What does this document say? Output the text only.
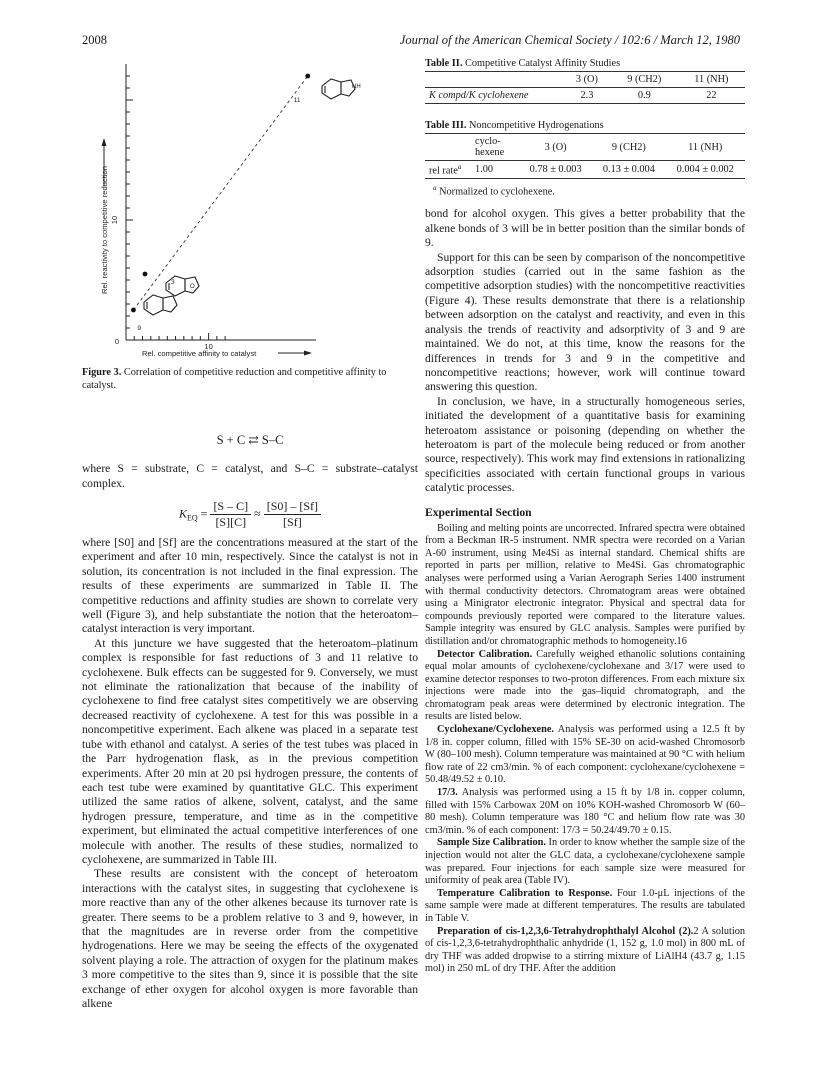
2008	Journal of the American Chemical Society / 102:6 / March 12, 1980
11
3
9
NH
O
Rel. reactivity to competitive reduction
Rel. competitive affinity to catalyst
0
10
10

Figure 3. Correlation of competitive reduction and competitive affinity to catalyst.

S + C ⇄ S–C

where S = substrate, C = catalyst, and S–C = substrate–catalyst complex.

$K_{EQ} = \frac{[S - C]}{[S][C]} \approx \frac{[S0] - [Sf]}{[Sf]}$

where [S0] and [Sf] are the concentrations measured at the start of the experiment and after 10 min, respectively. Since the catalyst is not in solution, its concentration is not included in the final expression. The results of these experiments are summarized in Table II. The competitive reductions and affinity studies are shown to correlate very well (Figure 3), and help substantiate the notion that the heteroatom–catalyst interaction is very important.

At this juncture we have suggested that the heteroatom–platinum complex is responsible for fast reductions of 3 and 11 relative to cyclohexene. Bulk effects can be suggested for 9. Conversely, we must not eliminate the rationalization that because of the inability of cyclohexene to find free catalyst sites competitively we are observing decreased reactivity of cyclohexene. A test for this was possible in a noncompetitive experiment. Each alkene was placed in a separate test tube with ethanol and catalyst. A series of the test tubes was placed in the Parr hydrogenation flask, as in the previous competition experiments. After 20 min at 20 psi hydrogen pressure, the contents of each test tube were examined by quantitative GLC. This experiment utilized the same ratios of alkene, solvent, catalyst, and the same hydrogen pressure, temperature, and time as in the competitive experiment, but eliminated the actual competitive interferences of one molecule with another. The results of these studies, normalized to cyclohexene, are summarized in Table III.

These results are consistent with the concept of heteroatom interactions with the catalyst sites, in suggesting that cyclohexene is more reactive than any of the other alkenes because its turnover rate is greater. There seems to be a problem relative to 3 and 9, however, in that the magnitudes are in reverse order from the competitive hydrogenations. Here we may be seeing the effects of the oxygenated solvent playing a role. The attraction of oxygen for the platinum makes 3 more competitive to the sites than 9, since it is possible that the site exchange of ether oxygen for alcohol oxygen is more favorable than alkene

Table II. Competitive Catalyst Affinity Studies

	3 (O)	9 (CH2)	11 (NH)
K compd/K cyclohexene	2.3	0.9	22

Table III. Noncompetitive Hydrogenations

	cyclo-hexene	3 (O)	9 (CH2)	11 (NH)
rel rate$^a$	1.00	0.78 ± 0.003	0.13 ± 0.004	0.004 ± 0.002

$^a$ Normalized to cyclohexene.

bond for alcohol oxygen. This gives a better probability that the alkene bonds of 3 will be in better position than the similar bonds of 9.

Support for this can be seen by comparison of the noncompetitive adsorption studies (carried out in the same fashion as the competitive adsorption studies) with the noncompetitive reactivities (Figure 4). These results demonstrate that there is a relationship between adsorption on the catalyst and reactivity, and even in this analysis the trends of reactivity and adsorptivity of 3 and 9 are maintained. We do not, at this time, know the reasons for the differences in trends for 3 and 9 in the competitive and noncompetitive reactions; however, work will continue toward answering this question.

In conclusion, we have, in a structurally homogeneous series, initiated the development of a quantitative basis for examining heteroatom assistance or poisoning (depending on whether the heteroatom is part of the molecule being reduced or from another source, respectively). This work may find extensions in rationalizing specificities associated with certain functional groups in various catalytic processes.

Experimental Section

Boiling and melting points are uncorrected. Infrared spectra were obtained from a Beckman IR-5 instrument. NMR spectra were recorded on a Varian A-60 instrument, using Me4Si as internal standard. Chemical shifts are reported in parts per million, relative to Me4Si. Gas chromatographic analyses were performed using a Varian Aerograph Series 1400 instrument with thermal conductivity detectors. Chromatogram areas were obtained using a Minigrator electronic integrator. Physical and spectral data for compounds previously reported were compared to the literature values. Sample integrity was ensured by GLC analysis. Samples were purified by distillation and/or chromatographic methods to homogeneity.16

Detector Calibration. Carefully weighed ethanolic solutions containing equal molar amounts of cyclohexene/cyclohexane and 3/17 were used to examine detector responses to two-proton differences. From each mixture six injections were made into the gas–liquid chromatograph, and the chromatogram peak areas were determined by electronic integration. The results are listed below.

Cyclohexane/Cyclohexene. Analysis was performed using a 12.5 ft by 1/8 in. copper column, filled with 15% SE-30 on acid-washed Chromosorb W (80–100 mesh). Column temperature was maintained at 90 °C with helium flow rate of 22 cm3/min. % of each component: cyclohexane/cyclohexene = 50.48/49.52 ± 0.10.

17/3. Analysis was performed using a 15 ft by 1/8 in. copper column, filled with 15% Carbowax 20M on 10% KOH-washed Chromosorb W (60–80 mesh). Column temperature was 180 °C and helium flow rate was 30 cm3/min. % of each component: 17/3 = 50.24/49.70 ± 0.15.

Sample Size Calibration. In order to know whether the sample size of the injection would not alter the GLC data, a cyclohexane/cyclohexene sample was prepared. Four injections for each sample size were measured for uniformity of peak area (Table IV).

Temperature Calibration to Response. Four 1.0-μL injections of the same sample were made at different temperatures. The results are tabulated in Table V.

Preparation of cis-1,2,3,6-Tetrahydrophthalyl Alcohol (2).2 A solution of cis-1,2,3,6-tetrahydrophthalic anhydride (1, 152 g, 1.0 mol) in 800 mL of dry THF was added dropwise to a stirring mixture of LiAlH4 (43.7 g, 1.15 mol) in 250 mL of dry THF. After the addition
